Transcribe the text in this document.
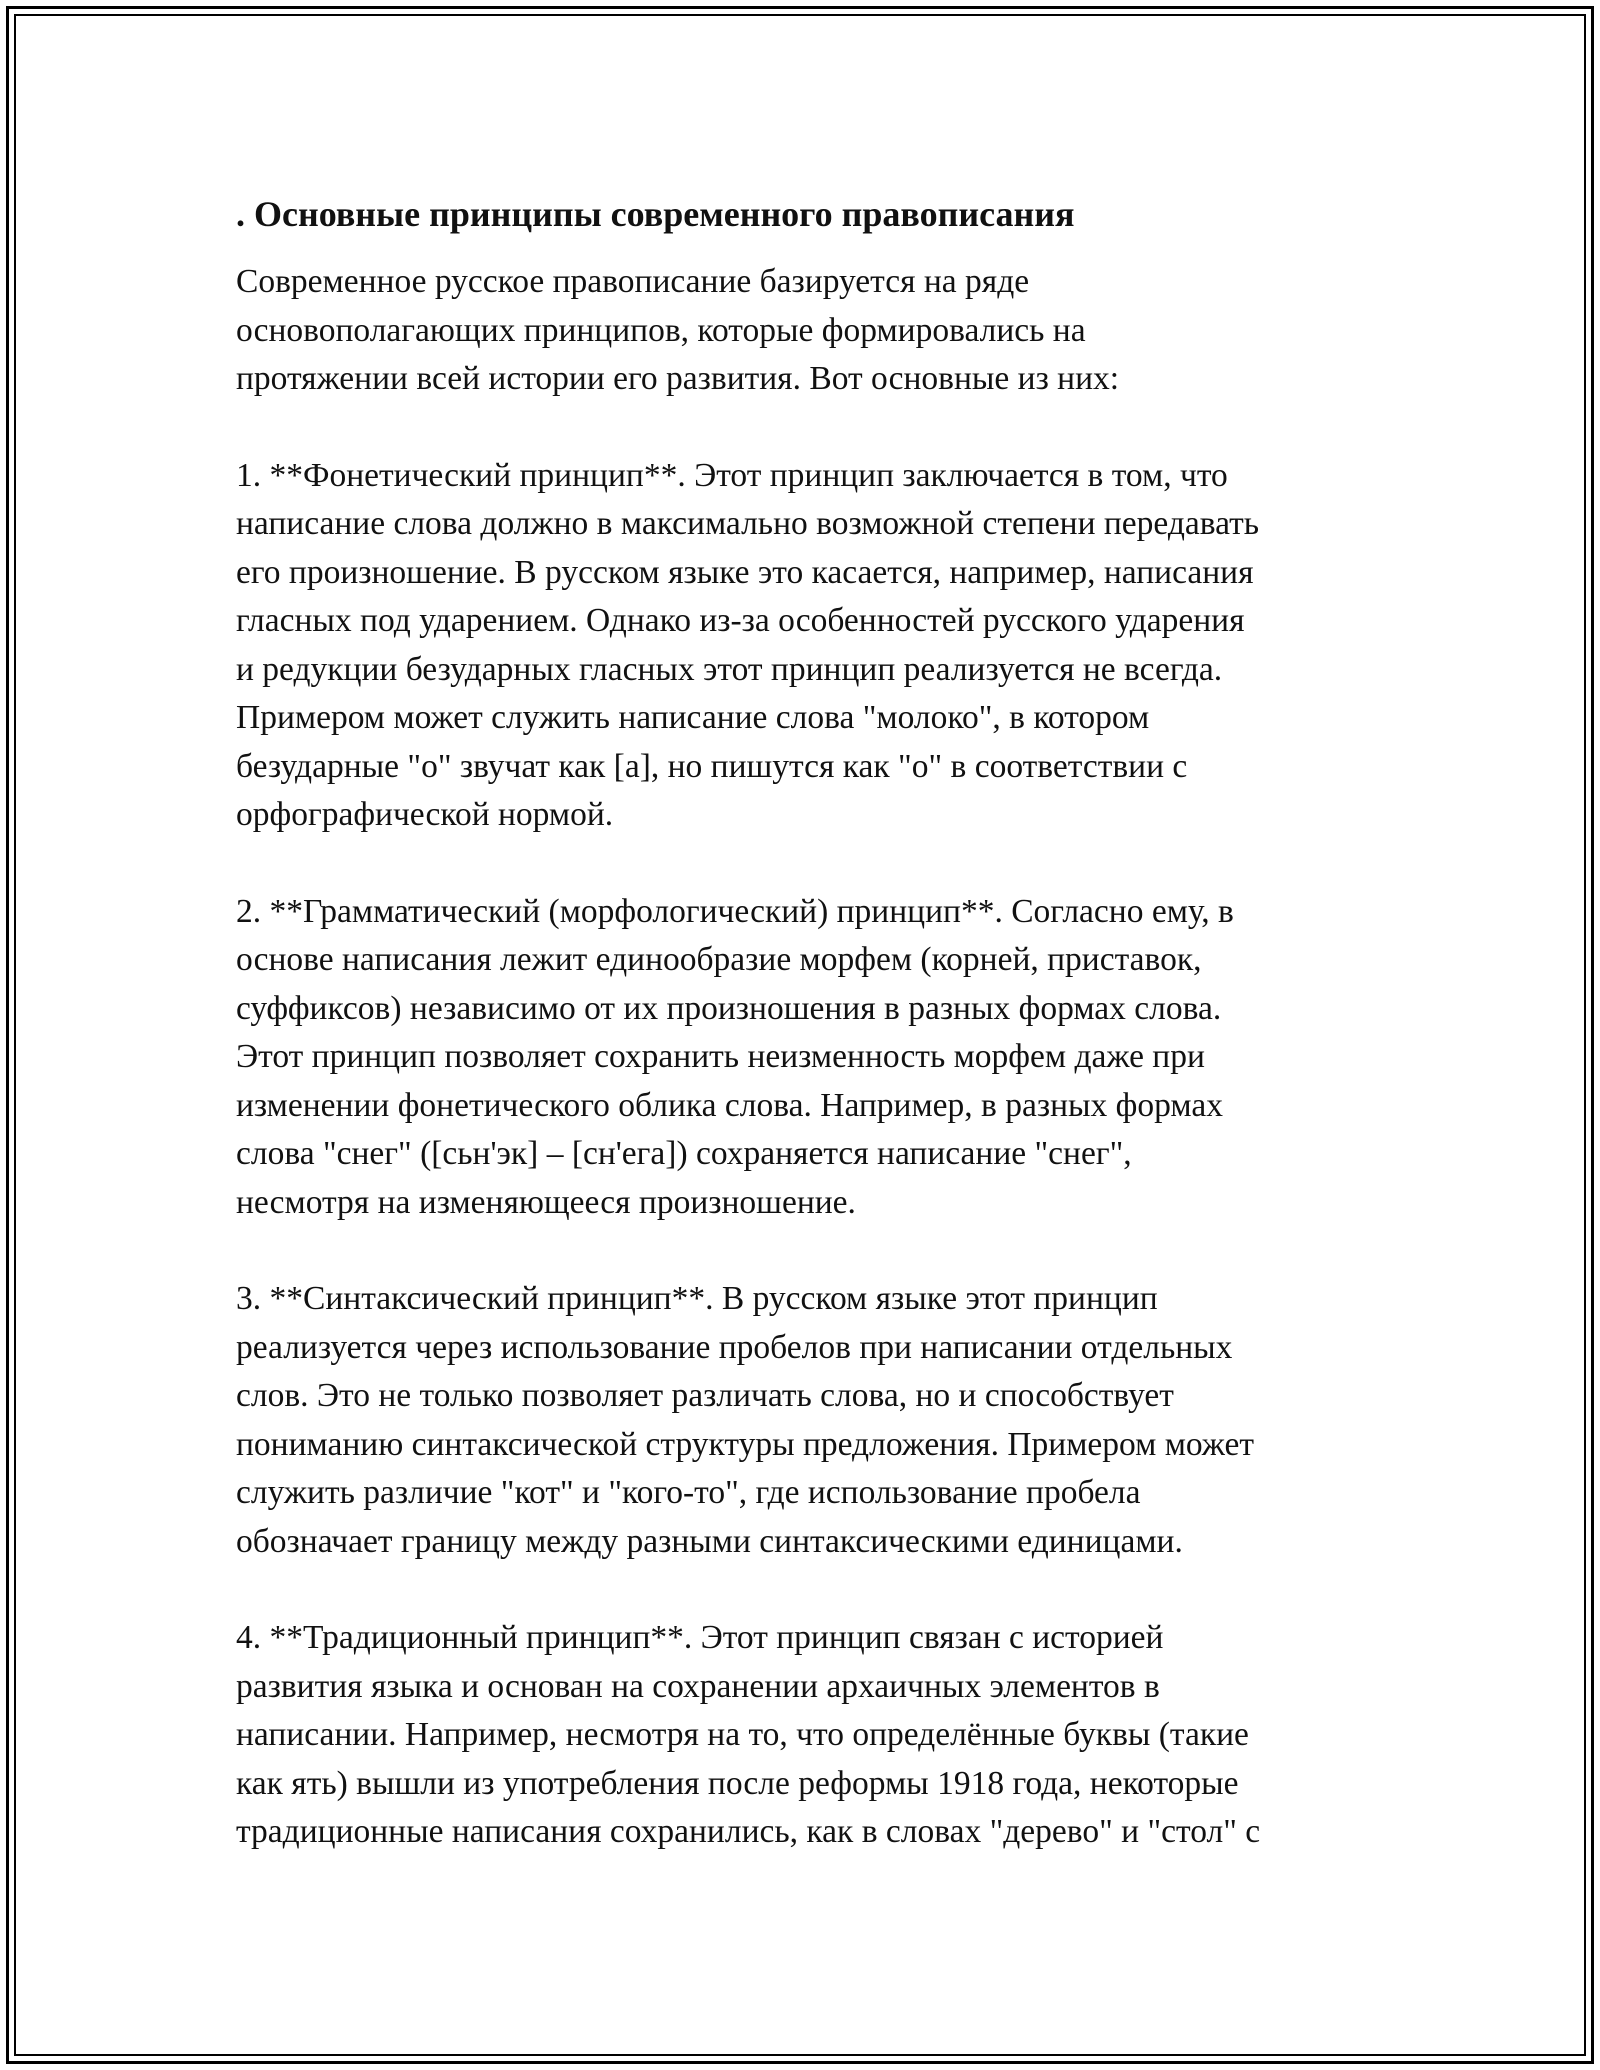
. Основные принципы современного правописания
Современное русское правописание базируется на ряде
основополагающих принципов, которые формировались на
протяжении всей истории его развития. Вот основные из них:
1. **Фонетический принцип**. Этот принцип заключается в том, что
написание слова должно в максимально возможной степени передавать
его произношение. В русском языке это касается, например, написания
гласных под ударением. Однако из-за особенностей русского ударения
и редукции безударных гласных этот принцип реализуется не всегда.
Примером может служить написание слова "молоко", в котором
безударные "о" звучат как [а], но пишутся как "о" в соответствии с
орфографической нормой.
2. **Грамматический (морфологический) принцип**. Согласно ему, в
основе написания лежит единообразие морфем (корней, приставок,
суффиксов) независимо от их произношения в разных формах слова.
Этот принцип позволяет сохранить неизменность морфем даже при
изменении фонетического облика слова. Например, в разных формах
слова "снег" ([сьн'эк] – [сн'ега]) сохраняется написание "снег",
несмотря на изменяющееся произношение.
3. **Синтаксический принцип**. В русском языке этот принцип
реализуется через использование пробелов при написании отдельных
слов. Это не только позволяет различать слова, но и способствует
пониманию синтаксической структуры предложения. Примером может
служить различие "кот" и "кого-то", где использование пробела
обозначает границу между разными синтаксическими единицами.
4. **Традиционный принцип**. Этот принцип связан с историей
развития языка и основан на сохранении архаичных элементов в
написании. Например, несмотря на то, что определённые буквы (такие
как ять) вышли из употребления после реформы 1918 года, некоторые
традиционные написания сохранились, как в словах "дерево" и "стол" с
